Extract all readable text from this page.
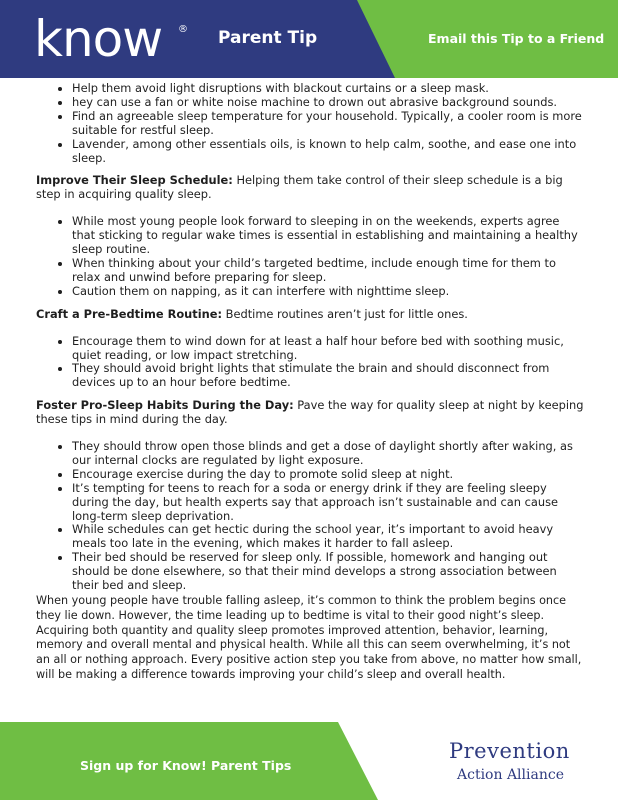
know ® Parent Tip	Email this Tip to a Friend
• Help them avoid light disruptions with blackout curtains or a sleep mask.
• hey can use a fan or white noise machine to drown out abrasive background sounds.
• Find an agreeable sleep temperature for your household. Typically, a cooler room is more suitable for restful sleep.
• Lavender, among other essentials oils, is known to help calm, soothe, and ease one into sleep.

Improve Their Sleep Schedule: Helping them take control of their sleep schedule is a big step in acquiring quality sleep.

• While most young people look forward to sleeping in on the weekends, experts agree that sticking to regular wake times is essential in establishing and maintaining a healthy sleep routine.
• When thinking about your child’s targeted bedtime, include enough time for them to relax and unwind before preparing for sleep.
• Caution them on napping, as it can interfere with nighttime sleep.

Craft a Pre-Bedtime Routine: Bedtime routines aren’t just for little ones.

• Encourage them to wind down for at least a half hour before bed with soothing music, quiet reading, or low impact stretching.
• They should avoid bright lights that stimulate the brain and should disconnect from devices up to an hour before bedtime.

Foster Pro-Sleep Habits During the Day: Pave the way for quality sleep at night by keeping these tips in mind during the day.

• They should throw open those blinds and get a dose of daylight shortly after waking, as our internal clocks are regulated by light exposure.
• Encourage exercise during the day to promote solid sleep at night.
• It’s tempting for teens to reach for a soda or energy drink if they are feeling sleepy during the day, but health experts say that approach isn’t sustainable and can cause long-term sleep deprivation.
• While schedules can get hectic during the school year, it’s important to avoid heavy meals too late in the evening, which makes it harder to fall asleep.
• Their bed should be reserved for sleep only. If possible, homework and hanging out should be done elsewhere, so that their mind develops a strong association between their bed and sleep.

When young people have trouble falling asleep, it’s common to think the problem begins once they lie down. However, the time leading up to bedtime is vital to their good night’s sleep. Acquiring both quantity and quality sleep promotes improved attention, behavior, learning, memory and overall mental and physical health. While all this can seem overwhelming, it’s not an all or nothing approach. Every positive action step you take from above, no matter how small, will be making a difference towards improving your child’s sleep and overall health.

Sign up for Know! Parent Tips
Prevention
Action Alliance
